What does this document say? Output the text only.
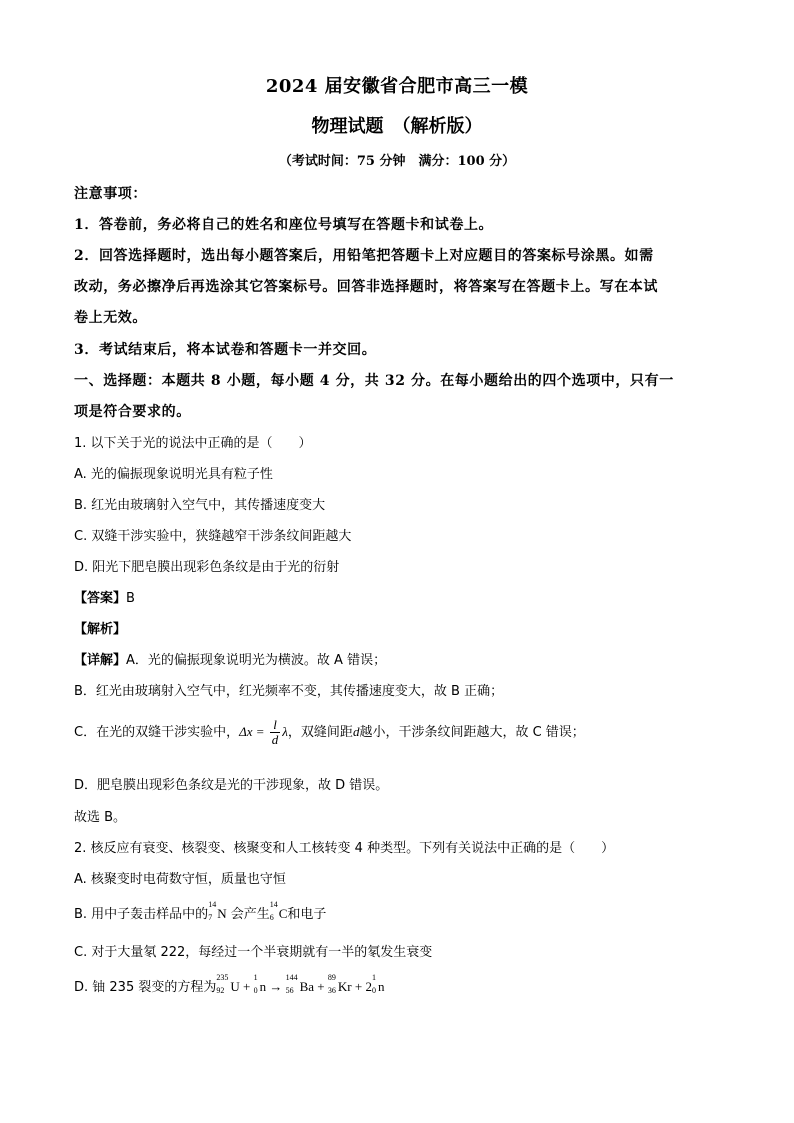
2024 届安徽省合肥市高三一模
物理试题　（解析版）
（考试时间：75 分钟　满分：100 分）
注意事项：
1．答卷前，务必将自己的姓名和座位号填写在答题卡和试卷上。
2．回答选择题时，选出每小题答案后，用铅笔把答题卡上对应题目的答案标号涂黑。如需
改动，务必擦净后再选涂其它答案标号。回答非选择题时，将答案写在答题卡上。写在本试
卷上无效。
3．考试结束后，将本试卷和答题卡一并交回。
一、选择题：本题共 8 小题，每小题 4 分，共 32 分。在每小题给出的四个选项中，只有一
项是符合要求的。
1. 以下关于光的说法中正确的是（　　）
A. 光的偏振现象说明光具有粒子性
B. 红光由玻璃射入空气中，其传播速度变大
C. 双缝干涉实验中，狭缝越窄干涉条纹间距越大
D. 阳光下肥皂膜出现彩色条纹是由于光的衍射
【答案】B
【解析】
【详解】A．光的偏振现象说明光为横波。故 A 错误；
B．红光由玻璃射入空气中，红光频率不变，其传播速度变大，故 B 正确；
C．在光的双缝干涉实验中，$\Delta x = \frac{l}{d}$ λ，双缝间距d越小，干涉条纹间距越大，故 C 错误；
D．肥皂膜出现彩色条纹是光的干涉现象，故 D 错误。
故选 B。
2. 核反应有衰变、核裂变、核聚变和人工核转变 4 种类型。下列有关说法中正确的是（　　）
A. 核聚变时电荷数守恒，质量也守恒
B. 用中子轰击样品中的
14
7 N 会产生
14
6 C和电子
C. 对于大量氡 222，每经过一个半衰期就有一半的氡发生衰变
D. 铀 235 裂变的方程为
235
92 U +
1
0 n →
144
56 Ba +
89
36 Kr + 2
1
0 n
